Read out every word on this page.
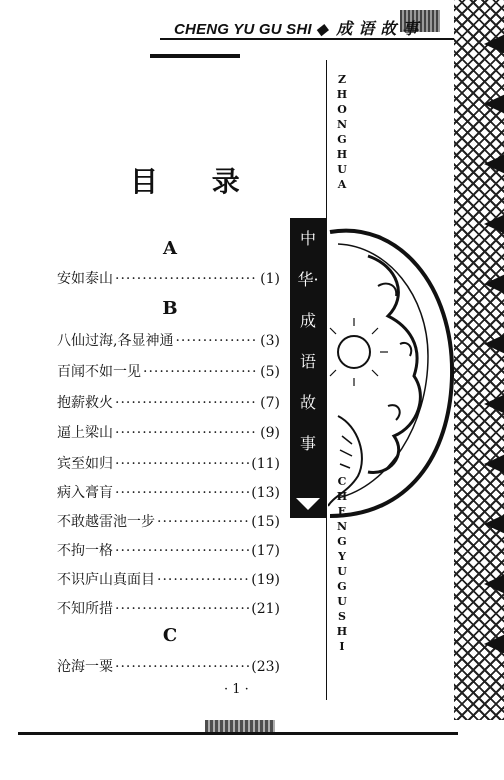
CHENG YU GU SHI ◆ 成 语 故 事
ZHONGHUA
CHENGYUGUSHI
中
华·
成
语
故
事
目 录
A
安如泰山 ·····	(1)
B
八仙过海,各显神通 ·····	(3)
百闻不如一见 ·····	(5)
抱薪救火 ·····	(7)
逼上梁山 ·····	(9)
宾至如归 ·····	(11)
病入膏肓 ·····	(13)
不敢越雷池一步 ·····	(15)
不拘一格 ·····	(17)
不识庐山真面目 ·····	(19)
不知所措 ·····	(21)
C
沧海一粟 ·····	(23)
· 1 ·
